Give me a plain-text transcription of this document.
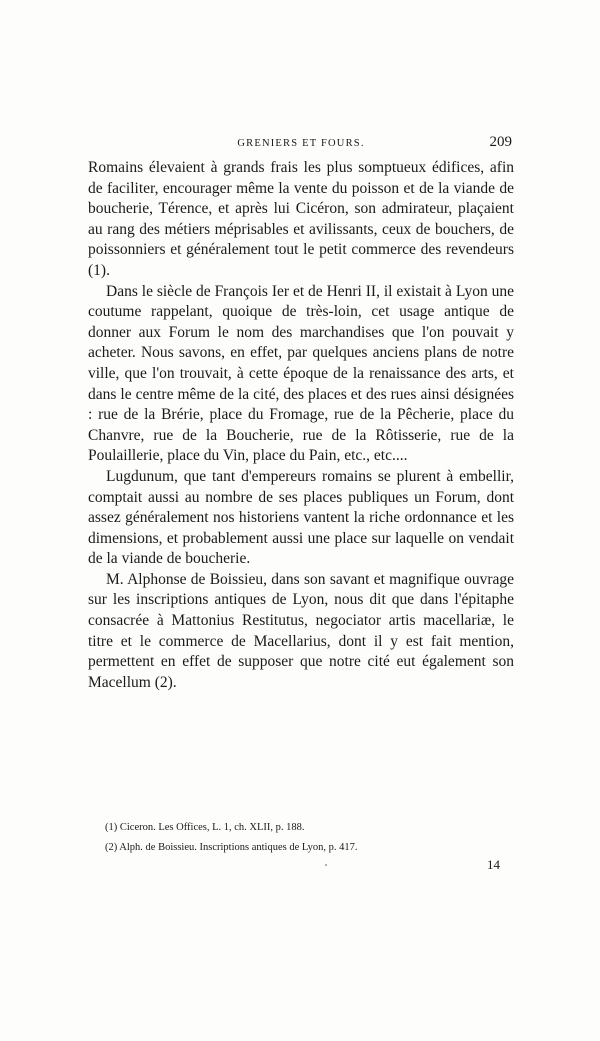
GRENIERS ET FOURS.	209

Romains élevaient à grands frais les plus somptueux édifices, afin de faciliter, encourager même la vente du poisson et de la viande de boucherie, Térence, et après lui Cicéron, son admirateur, plaçaient au rang des métiers méprisables et avilissants, ceux de bouchers, de poissonniers et généralement tout le petit commerce des revendeurs (1).

Dans le siècle de François Ier et de Henri II, il existait à Lyon une coutume rappelant, quoique de très-loin, cet usage antique de donner aux Forum le nom des marchandises que l'on pouvait y acheter. Nous savons, en effet, par quelques anciens plans de notre ville, que l'on trouvait, à cette époque de la renaissance des arts, et dans le centre même de la cité, des places et des rues ainsi désignées : rue de la Brérie, place du Fromage, rue de la Pêcherie, place du Chanvre, rue de la Boucherie, rue de la Rôtisserie, rue de la Poulaillerie, place du Vin, place du Pain, etc., etc....

Lugdunum, que tant d'empereurs romains se plurent à embellir, comptait aussi au nombre de ses places publiques un Forum, dont assez généralement nos historiens vantent la riche ordonnance et les dimensions, et probablement aussi une place sur laquelle on vendait de la viande de boucherie.

M. Alphonse de Boissieu, dans son savant et magnifique ouvrage sur les inscriptions antiques de Lyon, nous dit que dans l'épitaphe consacrée à Mattonius Restitutus, negociator artis macellariæ, le titre et le commerce de Macellarius, dont il y est fait mention, permettent en effet de supposer que notre cité eut également son Macellum (2).

(1) Ciceron. Les Offices, L. 1, ch. XLII, p. 188.

(2) Alph. de Boissieu. Inscriptions antiques de Lyon, p. 417.

14
